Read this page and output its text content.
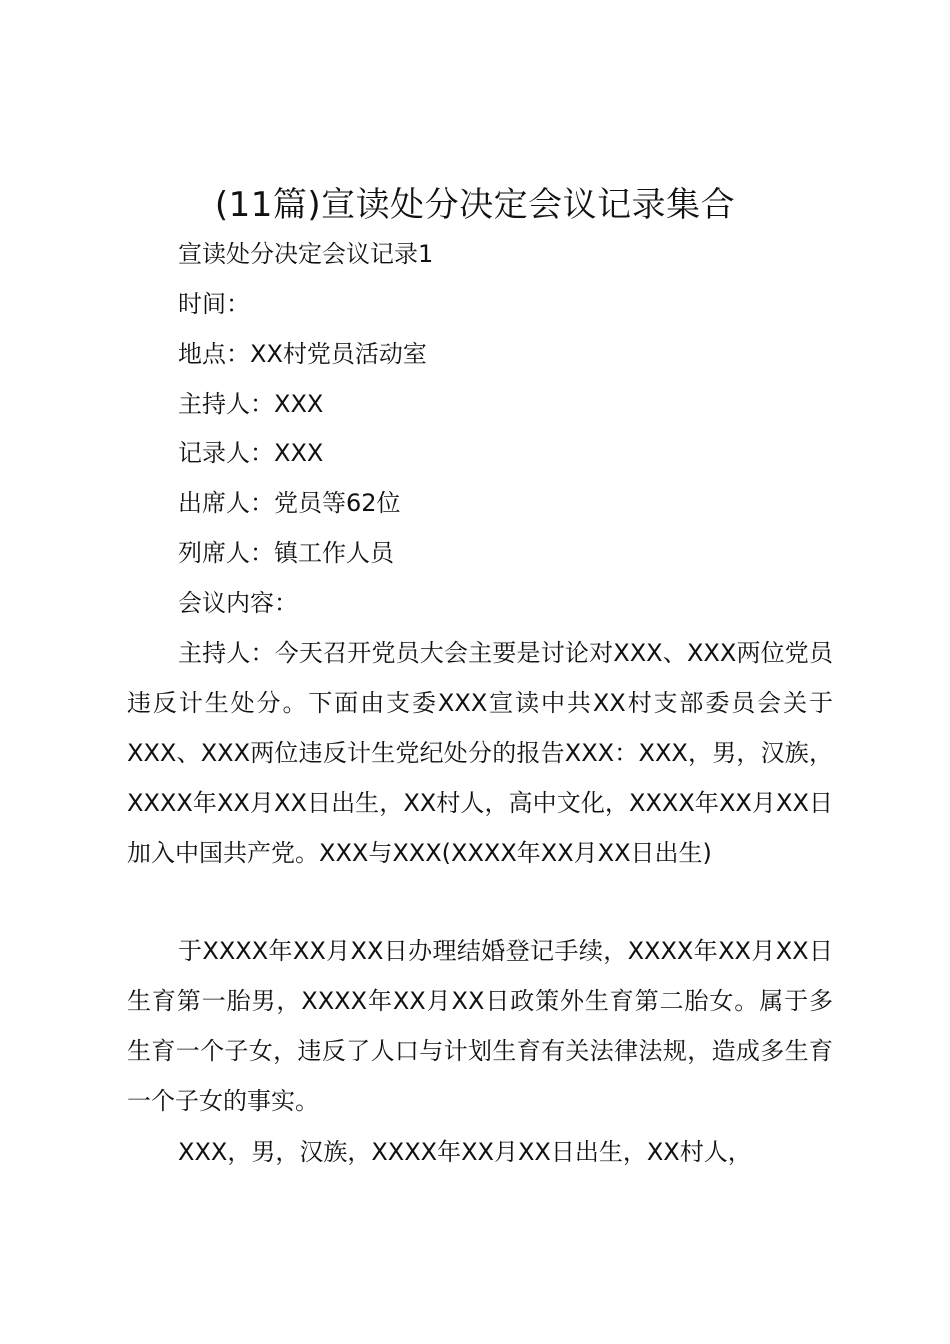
(11篇)宣读处分决定会议记录集合
宣读处分决定会议记录1
时间：
地点：XX村党员活动室
主持人：XXX
记录人：XXX
出席人：党员等62位
列席人：镇工作人员
会议内容：
主持人：今天召开党员大会主要是讨论对XXX、XXX两位党员违反计生处分。下面由支委XXX宣读中共XX村支部委员会关于XXX、XXX两位违反计生党纪处分的报告XXX：XXX，男，汉族，XXXX年XX月XX日出生，XX村人，高中文化，XXXX年XX月XX日加入中国共产党。XXX与XXX(XXXX年XX月XX日出生)
于XXXX年XX月XX日办理结婚登记手续，XXXX年XX月XX日生育第一胎男，XXXX年XX月XX日政策外生育第二胎女。属于多生育一个子女，违反了人口与计划生育有关法律法规，造成多生育一个子女的事实。
XXX，男，汉族，XXXX年XX月XX日出生，XX村人，
